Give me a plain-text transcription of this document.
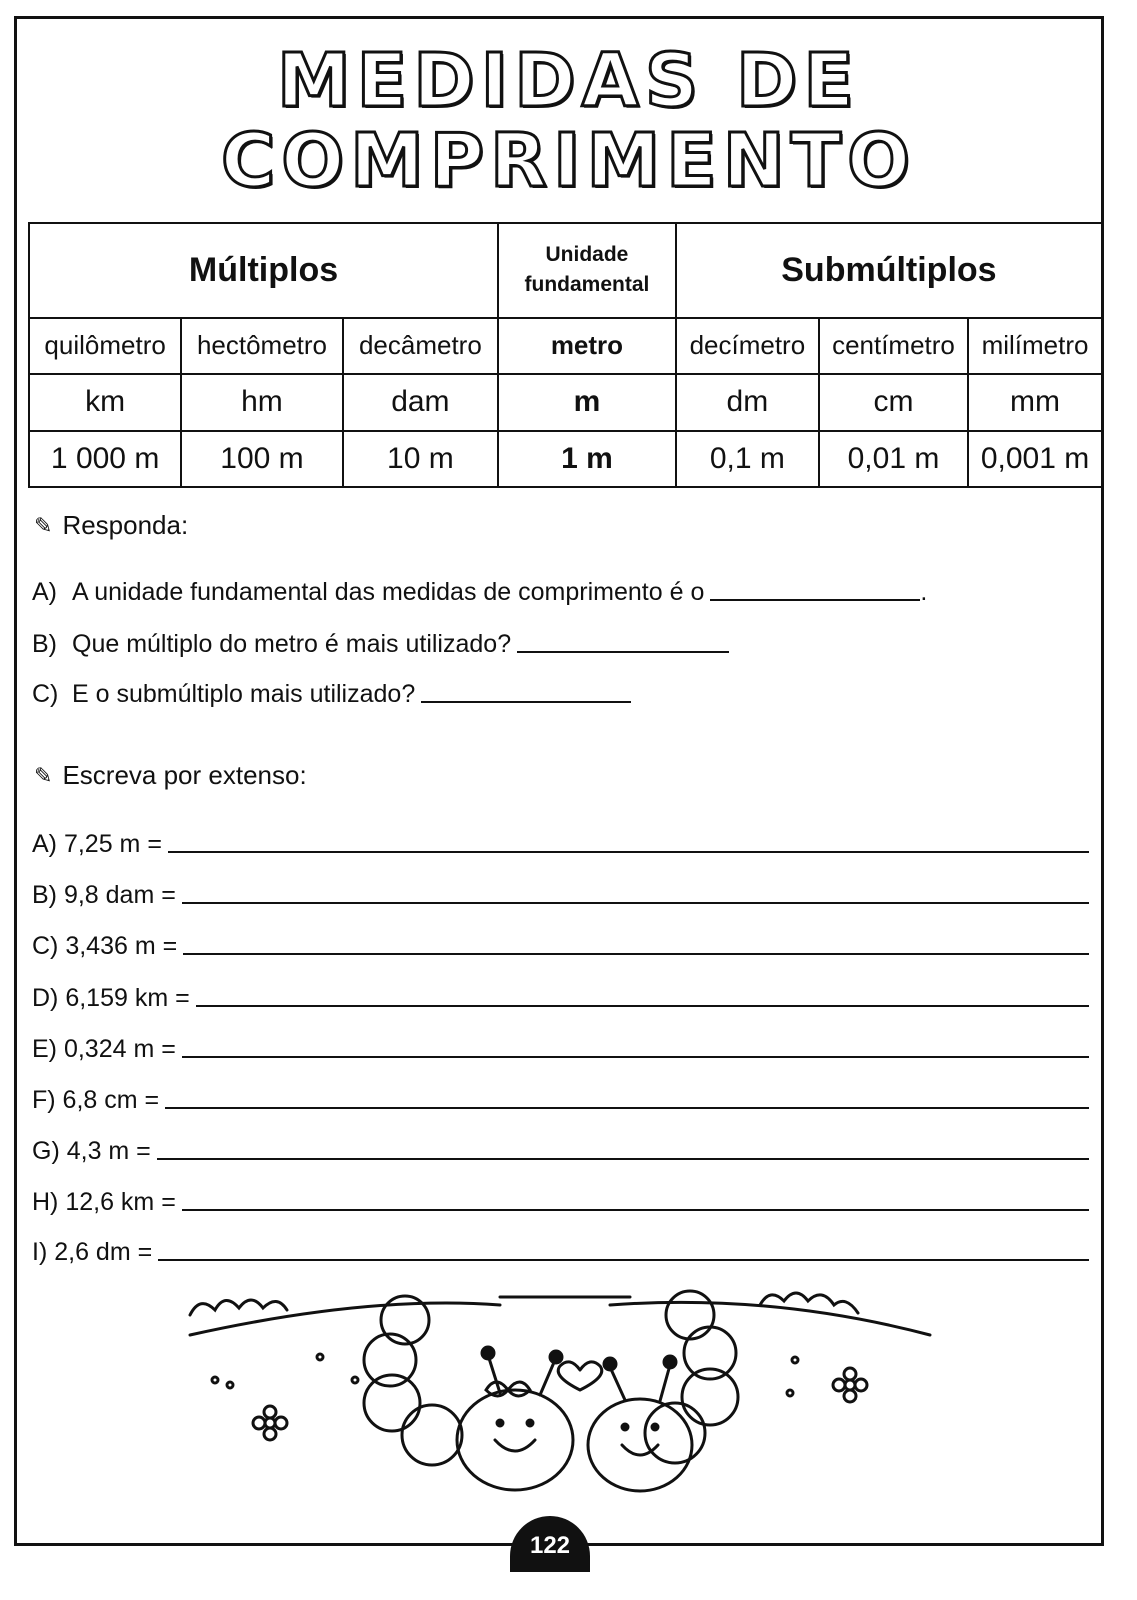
MEDIDAS DE
COMPRIMENTO
Múltiplos			Unidade fundamental	Submúltiplos		
quilômetro	hectômetro	decâmetro	metro	decímetro	centímetro	milímetro
km	hm	dam	m	dm	cm	mm
1 000 m	100 m	10 m	1 m	0,1 m	0,01 m	0,001 m
✎ Responda:
A) A unidade fundamental das medidas de comprimento é o	.
B) Que múltiplo do metro é mais utilizado?
C) E o submúltiplo mais utilizado?
✎ Escreva por extenso:
A) 7,25 m =
B) 9,8 dam =
C) 3,436 m =
D) 6,159 km =
E) 0,324 m =
F) 6,8 cm =
G) 4,3 m =
H) 12,6 km =
I) 2,6 dm =
122
